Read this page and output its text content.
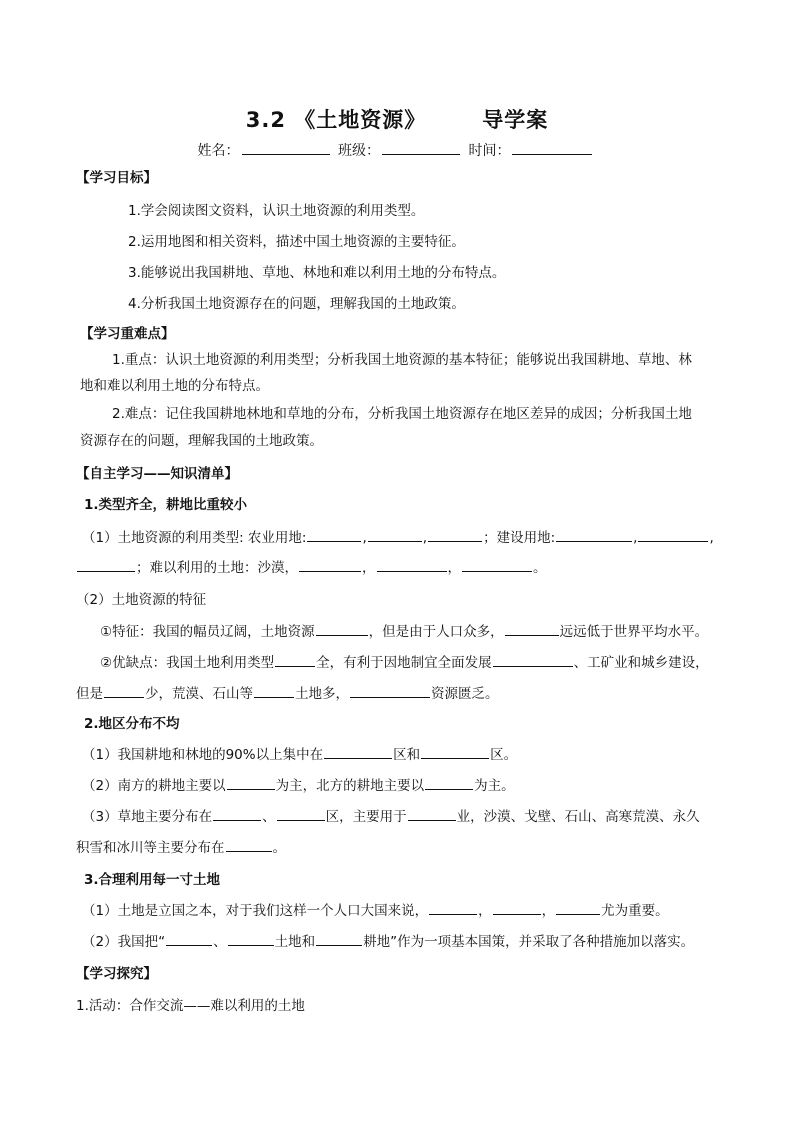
3.2 《土地资源》	导学案
姓名：	班级：	时间：
【学习目标】
1.学会阅读图文资料，认识土地资源的利用类型。
2.运用地图和相关资料，描述中国土地资源的主要特征。
3.能够说出我国耕地、草地、林地和难以利用土地的分布特点。
4.分析我国土地资源存在的问题，理解我国的土地政策。
【学习重难点】
1.重点：认识土地资源的利用类型；分析我国土地资源的基本特征；能够说出我国耕地、草地、林
地和难以利用土地的分布特点。
2.难点：记住我国耕地林地和草地的分布，分析我国土地资源存在地区差异的成因；分析我国土地
资源存在的问题，理解我国的土地政策。
【自主学习——知识清单】
1.类型齐全，耕地比重较小
（1）土地资源的利用类型: 农业用地:	,	,	；建设用地:	,	,
；难以利用的土地：沙漠，	，	，	。
（2）土地资源的特征
①特征：我国的幅员辽阔，土地资源	，但是由于人口众多，	远远低于世界平均水平。
②优缺点：我国土地利用类型	全，有利于因地制宜全面发展	、工矿业和城乡建设，
但是	少，荒漠、石山等	土地多，	资源匮乏。
2.地区分布不均
（1）我国耕地和林地的90%以上集中在	区和	区。
（2）南方的耕地主要以	为主，北方的耕地主要以	为主。
（3）草地主要分布在	、	区，主要用于	业，沙漠、戈壁、石山、高寒荒漠、永久
积雪和冰川等主要分布在	。
3.合理利用每一寸土地
（1）土地是立国之本，对于我们这样一个人口大国来说，	，	，	尤为重要。
（2）我国把“	、	土地和	耕地”作为一项基本国策，并采取了各种措施加以落实。
【学习探究】
1.活动：合作交流——难以利用的土地
